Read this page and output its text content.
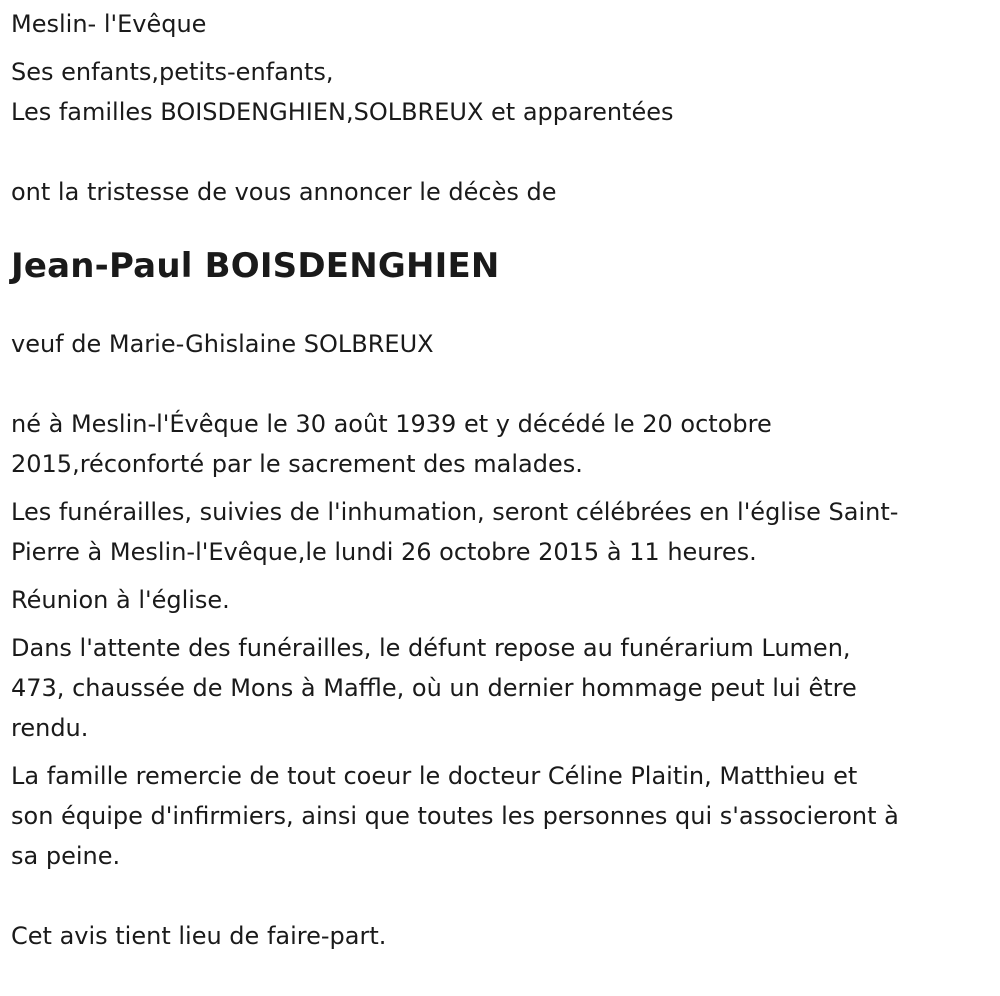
Meslin- l'Evêque

Ses enfants,petits-enfants,

Les familles BOISDENGHIEN,SOLBREUX et apparentées

ont la tristesse de vous annoncer le décès de

Jean-Paul BOISDENGHIEN

veuf de Marie-Ghislaine SOLBREUX

né à Meslin-l'Évêque le 30 août 1939 et y décédé le 20 octobre

2015,réconforté par le sacrement des malades.

Les funérailles, suivies de l'inhumation, seront célébrées en l'église Saint-

Pierre à Meslin-l'Evêque,le lundi 26 octobre 2015 à 11 heures.

Réunion à l'église.

Dans l'attente des funérailles, le défunt repose au funérarium Lumen,

473, chaussée de Mons à Maffle, où un dernier hommage peut lui être

rendu.

La famille remercie de tout coeur le docteur Céline Plaitin, Matthieu et

son équipe d'infirmiers, ainsi que toutes les personnes qui s'associeront à

sa peine.

Cet avis tient lieu de faire-part.
